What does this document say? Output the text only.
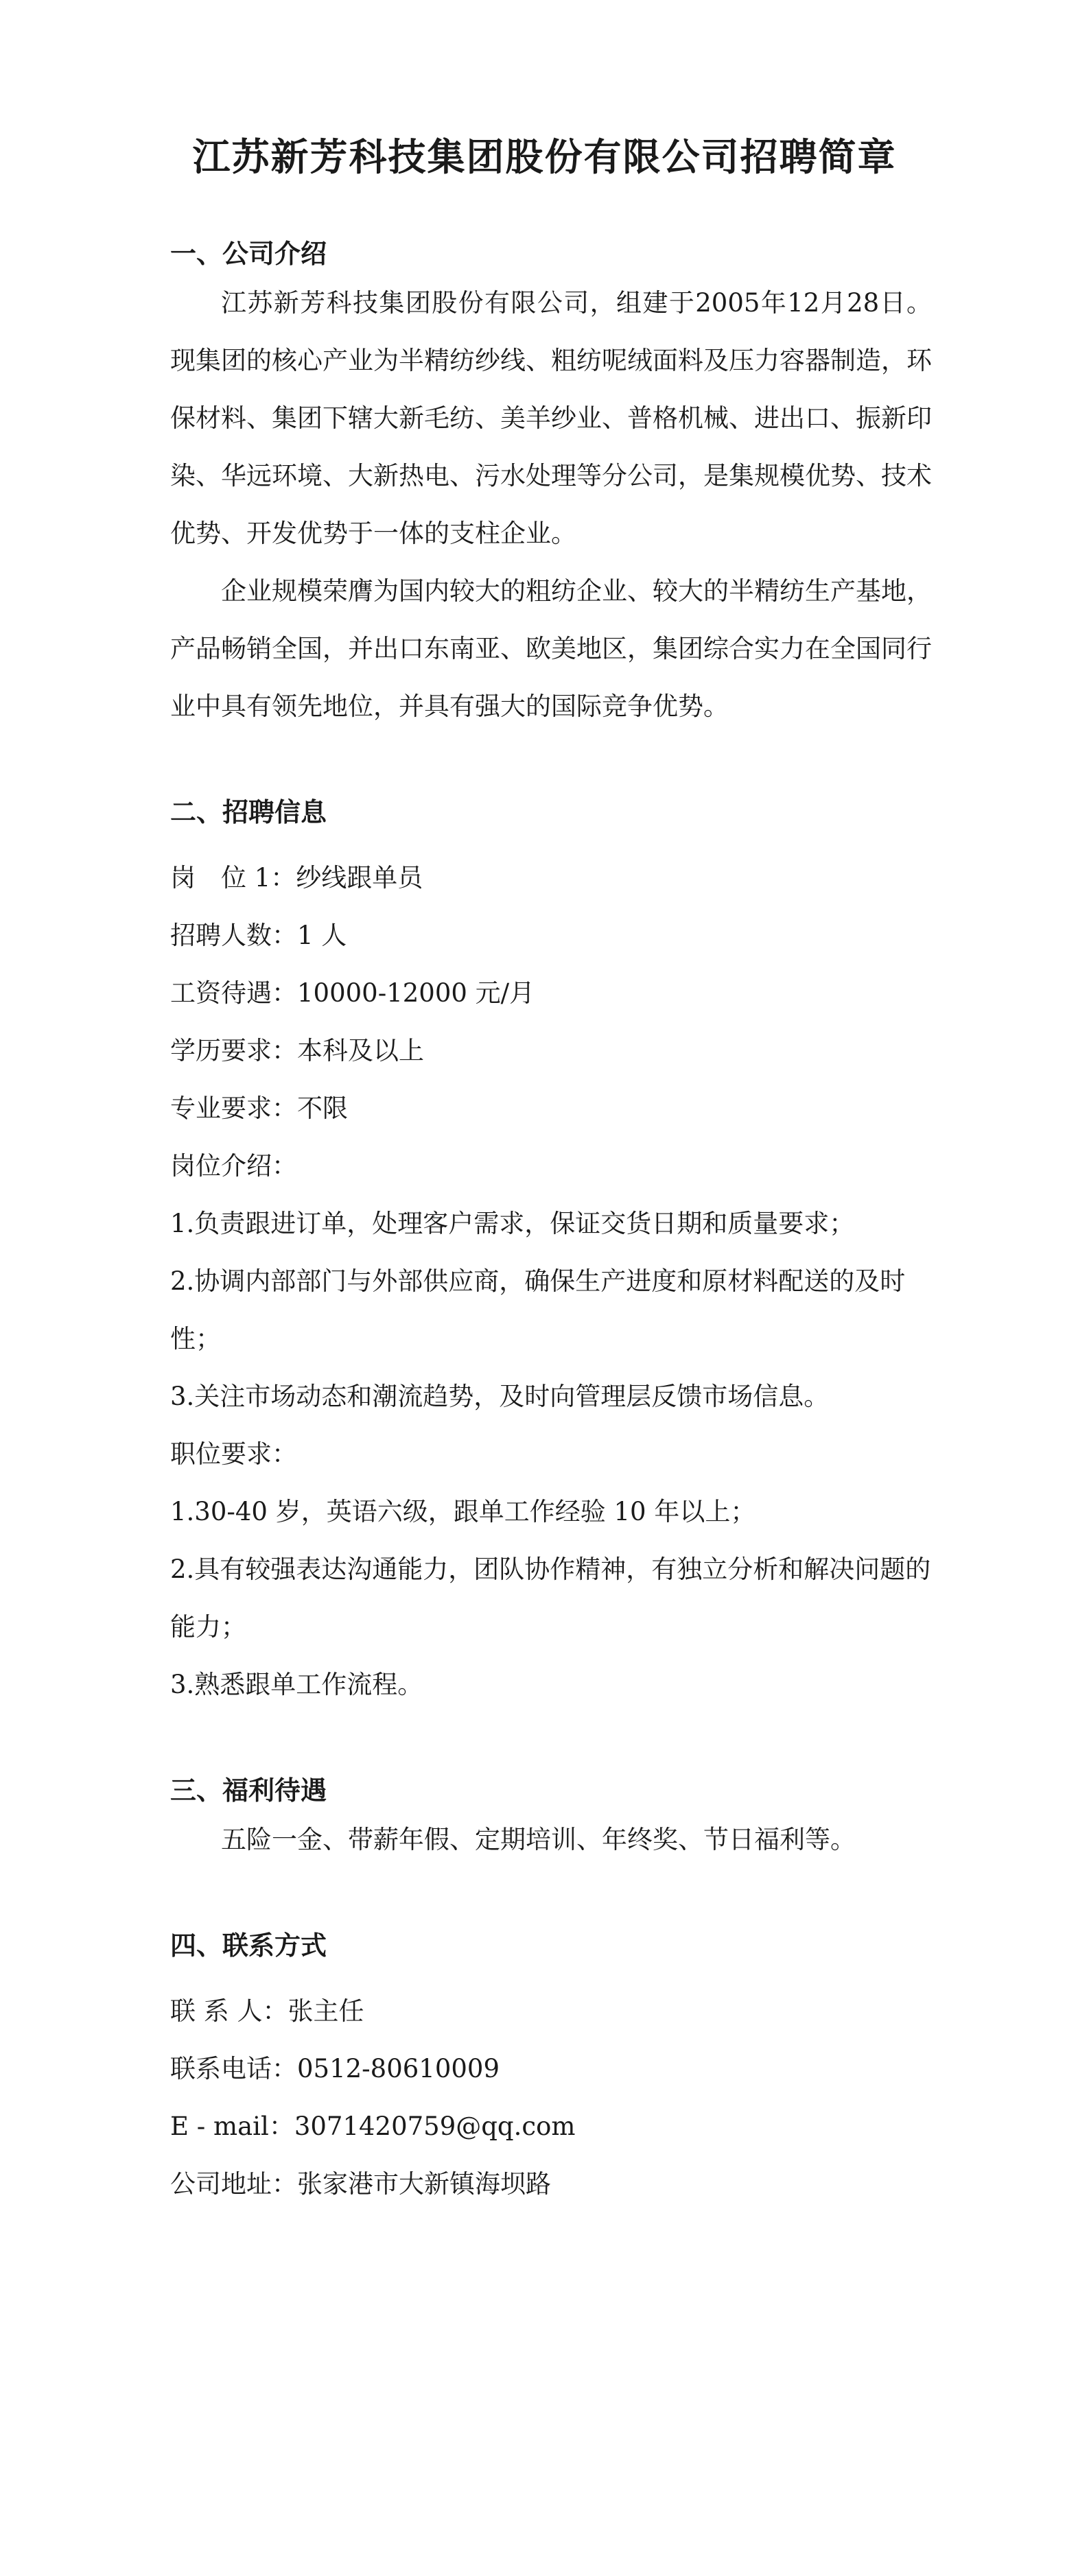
江苏新芳科技集团股份有限公司招聘简章
一、公司介绍

江苏新芳科技集团股份有限公司，组建于2005年12月28日。现集团的核心产业为半精纺纱线、粗纺呢绒面料及压力容器制造，环保材料、集团下辖大新毛纺、美羊纱业、普格机械、进出口、振新印染、华远环境、大新热电、污水处理等分公司，是集规模优势、技术优势、开发优势于一体的支柱企业。

企业规模荣膺为国内较大的粗纺企业、较大的半精纺生产基地，产品畅销全国，并出口东南亚、欧美地区，集团综合实力在全国同行业中具有领先地位，并具有强大的国际竞争优势。

二、招聘信息
岗　位 1：纱线跟单员
招聘人数：1 人
工资待遇：10000-12000 元/月
学历要求：本科及以上
专业要求：不限
岗位介绍：

1.负责跟进订单，处理客户需求，保证交货日期和质量要求；

2.协调内部部门与外部供应商，确保生产进度和原材料配送的及时性；

3.关注市场动态和潮流趋势，及时向管理层反馈市场信息。

职位要求：

1.30-40 岁，英语六级，跟单工作经验 10 年以上；

2.具有较强表达沟通能力，团队协作精神，有独立分析和解决问题的能力；

3.熟悉跟单工作流程。

三、福利待遇

五险一金、带薪年假、定期培训、年终奖、节日福利等。

四、联系方式
联 系 人：张主任
联系电话：0512-80610009
E - mail：3071420759@qq.com
公司地址：张家港市大新镇海坝路
